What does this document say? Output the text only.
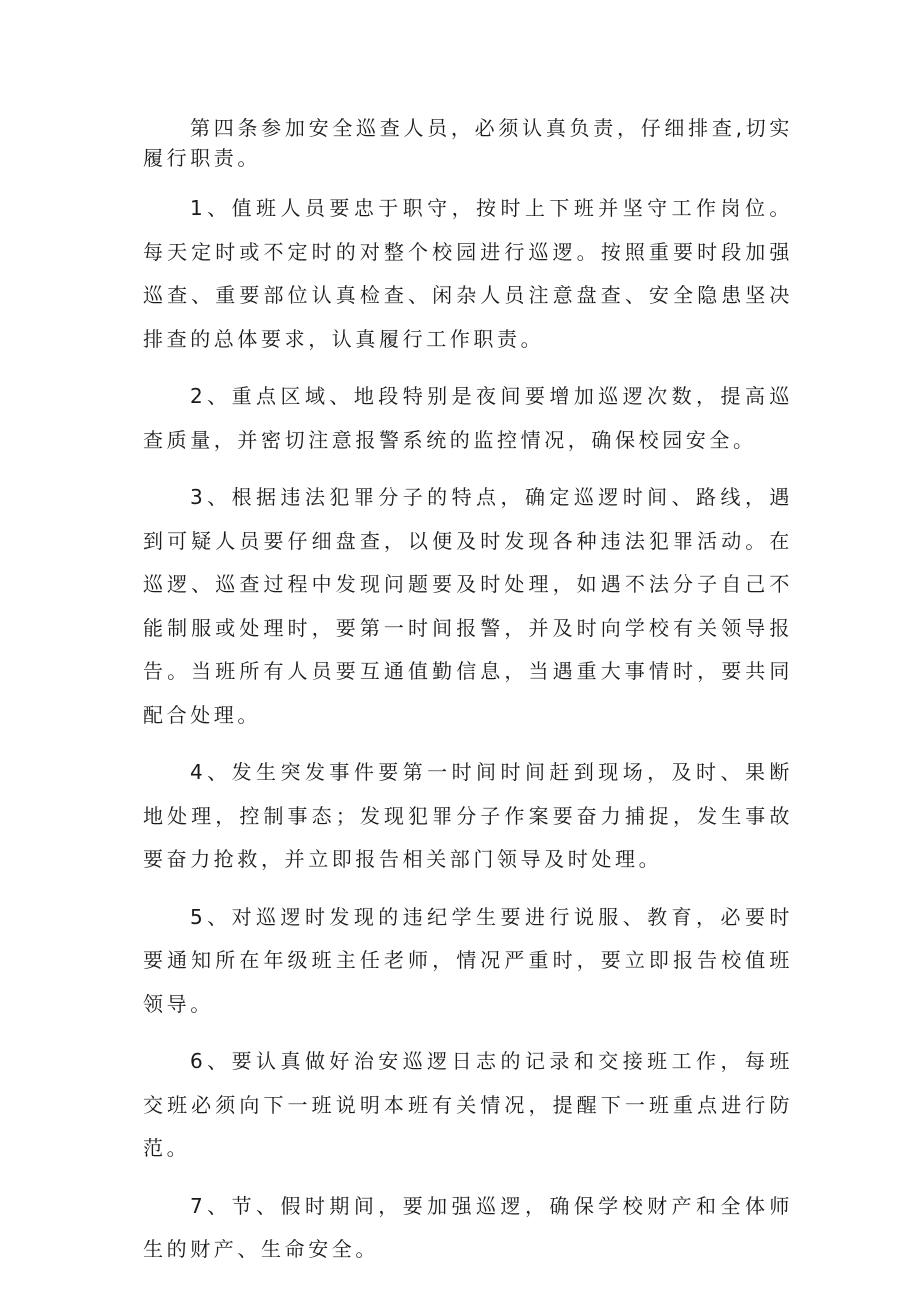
第四条参加安全巡查人员，必须认真负责，仔细排查,切实履行职责。

1、值班人员要忠于职守，按时上下班并坚守工作岗位。每天定时或不定时的对整个校园进行巡逻。按照重要时段加强巡查、重要部位认真检查、闲杂人员注意盘查、安全隐患坚决排查的总体要求，认真履行工作职责。

2、重点区域、地段特别是夜间要增加巡逻次数，提高巡查质量，并密切注意报警系统的监控情况，确保校园安全。

3、根据违法犯罪分子的特点，确定巡逻时间、路线，遇到可疑人员要仔细盘查，以便及时发现各种违法犯罪活动。在巡逻、巡查过程中发现问题要及时处理，如遇不法分子自己不能制服或处理时，要第一时间报警，并及时向学校有关领导报告。当班所有人员要互通值勤信息，当遇重大事情时，要共同配合处理。

4、发生突发事件要第一时间时间赶到现场，及时、果断地处理，控制事态；发现犯罪分子作案要奋力捕捉，发生事故要奋力抢救，并立即报告相关部门领导及时处理。

5、对巡逻时发现的违纪学生要进行说服、教育，必要时要通知所在年级班主任老师，情况严重时，要立即报告校值班领导。

6、要认真做好治安巡逻日志的记录和交接班工作，每班交班必须向下一班说明本班有关情况，提醒下一班重点进行防范。

7、节、假时期间，要加强巡逻，确保学校财产和全体师生的财产、生命安全。
